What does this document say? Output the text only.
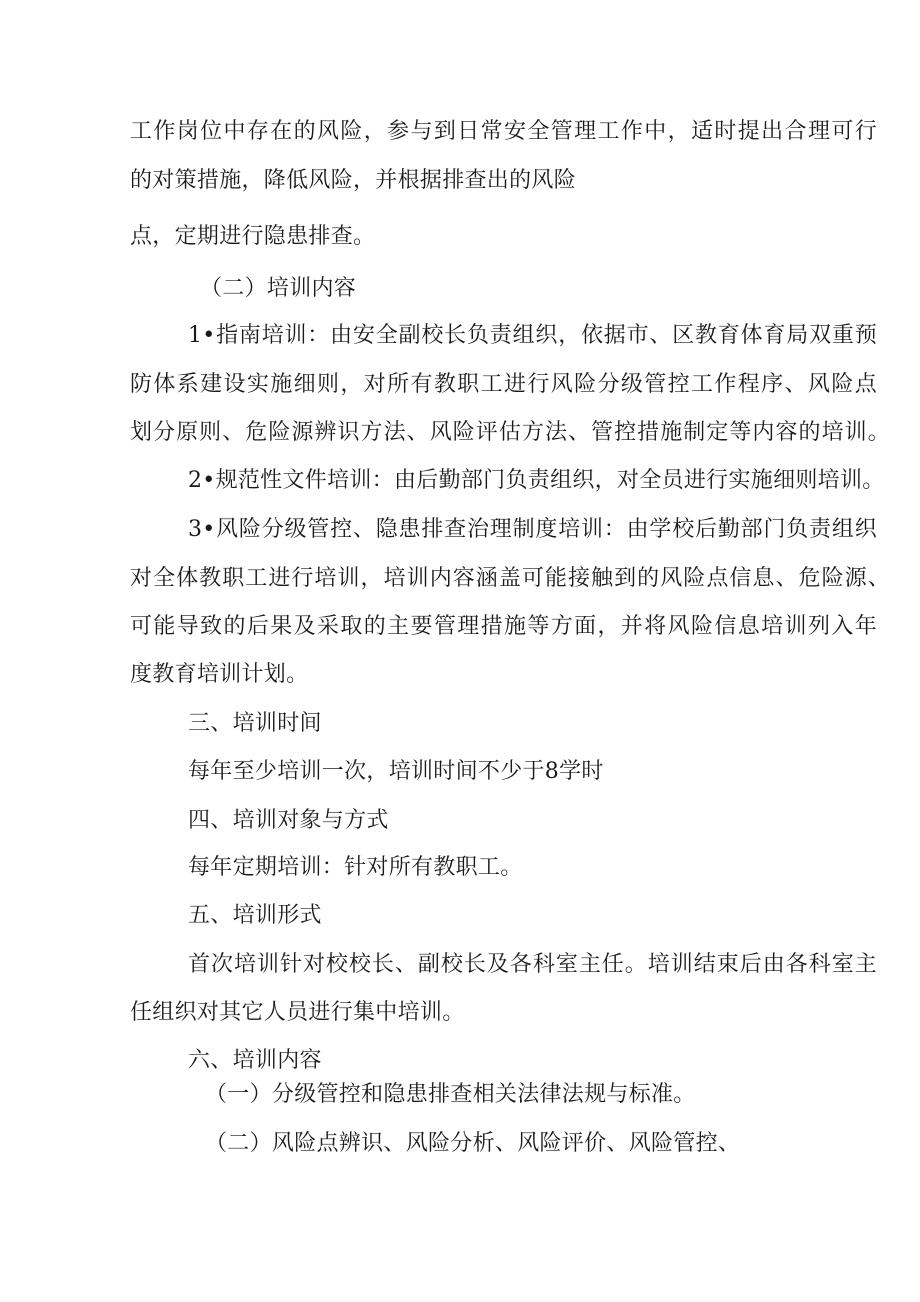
工作岗位中存在的风险，参与到日常安全管理工作中，适时提出合理可行
的对策措施，降低风险，并根据排查出的风险
点，定期进行隐患排查。
（二）培训内容
1•指南培训：由安全副校长负责组织，依据市、区教育体育局双重预
防体系建设实施细则，对所有教职工进行风险分级管控工作程序、风险点
划分原则、危险源辨识方法、风险评估方法、管控措施制定等内容的培训。
2•规范性文件培训：由后勤部门负责组织，对全员进行实施细则培训。
3•风险分级管控、隐患排查治理制度培训：由学校后勤部门负责组织
对全体教职工进行培训，培训内容涵盖可能接触到的风险点信息、危险源、
可能导致的后果及采取的主要管理措施等方面，并将风险信息培训列入年
度教育培训计划。
三、培训时间
每年至少培训一次，培训时间不少于8学时
四、培训对象与方式
每年定期培训：针对所有教职工。
五、培训形式
首次培训针对校校长、副校长及各科室主任。培训结束后由各科室主
任组织对其它人员进行集中培训。
六、培训内容
（一）分级管控和隐患排查相关法律法规与标准。
（二）风险点辨识、风险分析、风险评价、风险管控、
